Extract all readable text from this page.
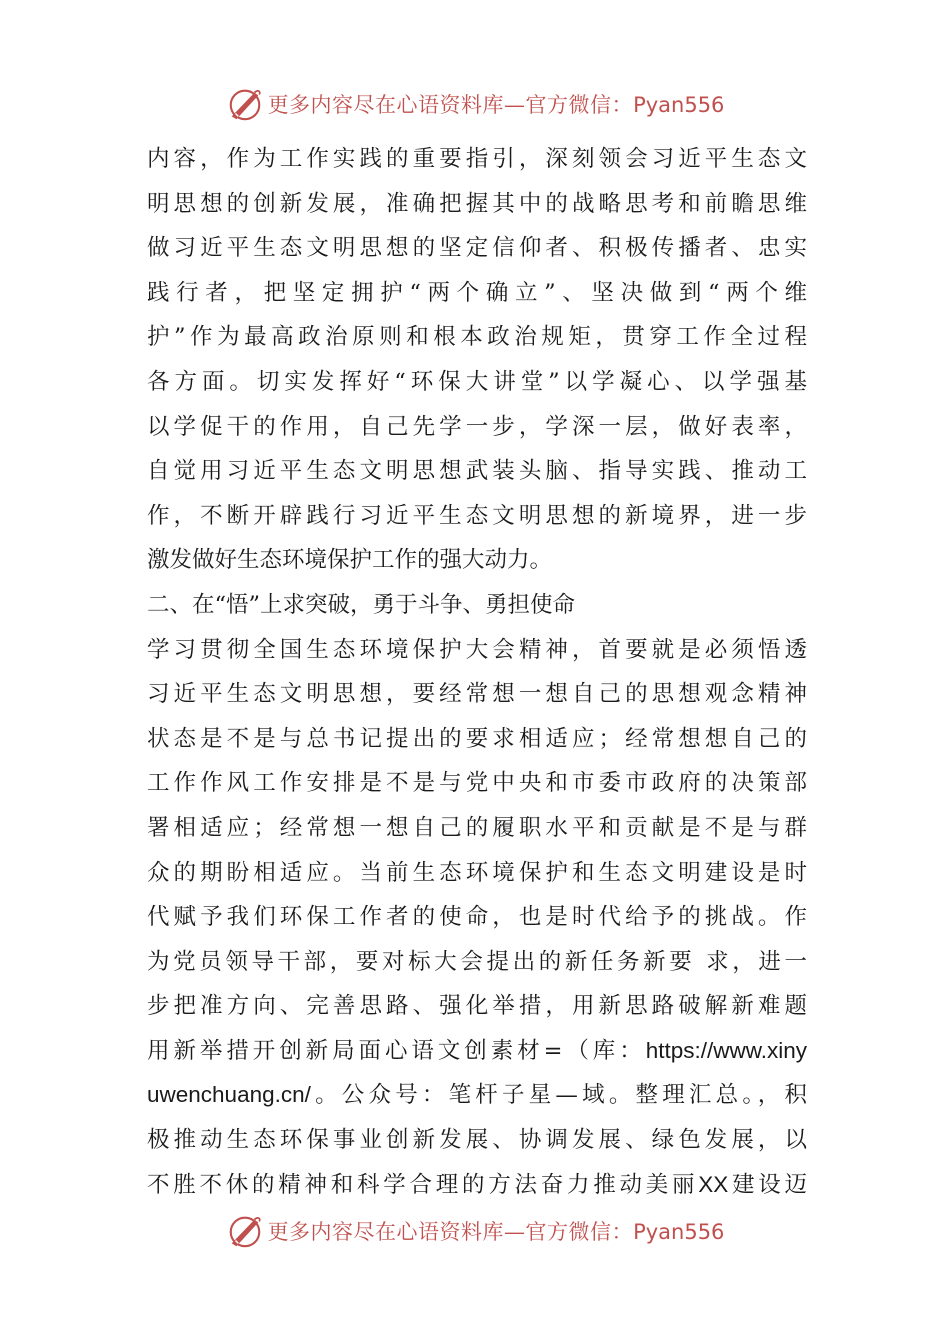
更多内容尽在心语资料库—官方微信：Pyan556
内容，作为工作实践的重要指引，深刻领会习近平生态文
明思想的创新发展，准确把握其中的战略思考和前瞻思维
做习近平生态文明思想的坚定信仰者、积极传播者、忠实
践行者，把坚定拥护“两个确立”、坚决做到“两个维
护”作为最高政治原则和根本政治规矩，贯穿工作全过程
各方面。切实发挥好“环保大讲堂”以学凝心、以学强基
以学促干的作用，自己先学一步，学深一层，做好表率，
自觉用习近平生态文明思想武装头脑、指导实践、推动工
作，不断开辟践行习近平生态文明思想的新境界，进一步
激发做好生态环境保护工作的强大动力。
二、在“悟”上求突破，勇于斗争、勇担使命
学习贯彻全国生态环境保护大会精神，首要就是必须悟透
习近平生态文明思想，要经常想一想自己的思想观念精神
状态是不是与总书记提出的要求相适应；经常想想自己的
工作作风工作安排是不是与党中央和市委市政府的决策部
署相适应；经常想一想自己的履职水平和贡献是不是与群
众的期盼相适应。当前生态环境保护和生态文明建设是时
代赋予我们环保工作者的使命，也是时代给予的挑战。作
为党员领导干部，要对标大会提出的新任务新要 求，进一
步把准方向、完善思路、强化举措，用新思路破解新难题
用新举措开创新局面心语文创素材=（库：https://www.xiny
uwenchuang.cn/。公众号：笔杆子星—域。整理汇总。，积
极推动生态环保事业创新发展、协调发展、绿色发展，以
不胜不休的精神和科学合理的方法奋力推动美丽XX建设迈
更多内容尽在心语资料库—官方微信：Pyan556
